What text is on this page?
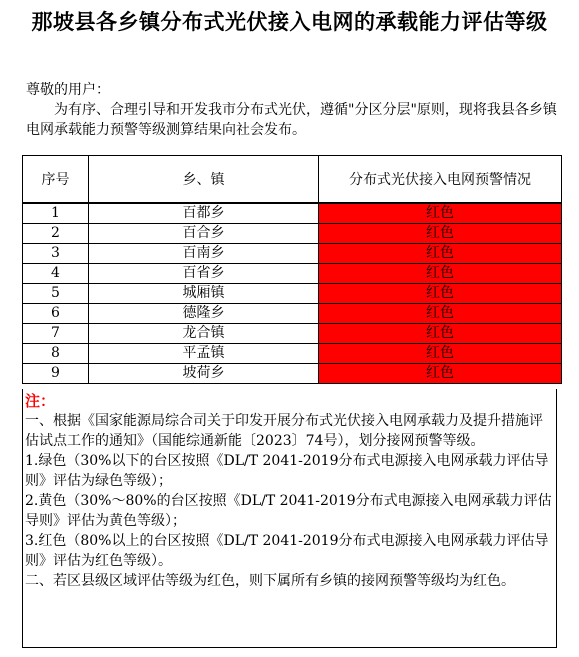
那坡县各乡镇分布式光伏接入电网的承载能力评估等级
尊敬的用户：
为有序、合理引导和开发我市分布式光伏，遵循"分区分层"原则，现将我县各乡镇电网承载能力预警等级测算结果向社会发布。
序号	乡、镇	分布式光伏接入电网预警情况
1	百都乡	红色
2	百合乡	红色
3	百南乡	红色
4	百省乡	红色
5	城厢镇	红色
6	德隆乡	红色
7	龙合镇	红色
8	平孟镇	红色
9	坡荷乡	红色
注：

一、根据《国家能源局综合司关于印发开展分布式光伏接入电网承载力及提升措施评估试点工作的通知》（国能综通新能〔2023〕74号），划分接网预警等级。

1.绿色（30%以下的台区按照《DL/T 2041-2019分布式电源接入电网承载力评估导则》评估为绿色等级）；

2.黄色（30%～80%的台区按照《DL/T 2041-2019分布式电源接入电网承载力评估导则》评估为黄色等级）；

3.红色（80%以上的台区按照《DL/T 2041-2019分布式电源接入电网承载力评估导则》评估为红色等级）。

二、若区县级区域评估等级为红色，则下属所有乡镇的接网预警等级均为红色。
